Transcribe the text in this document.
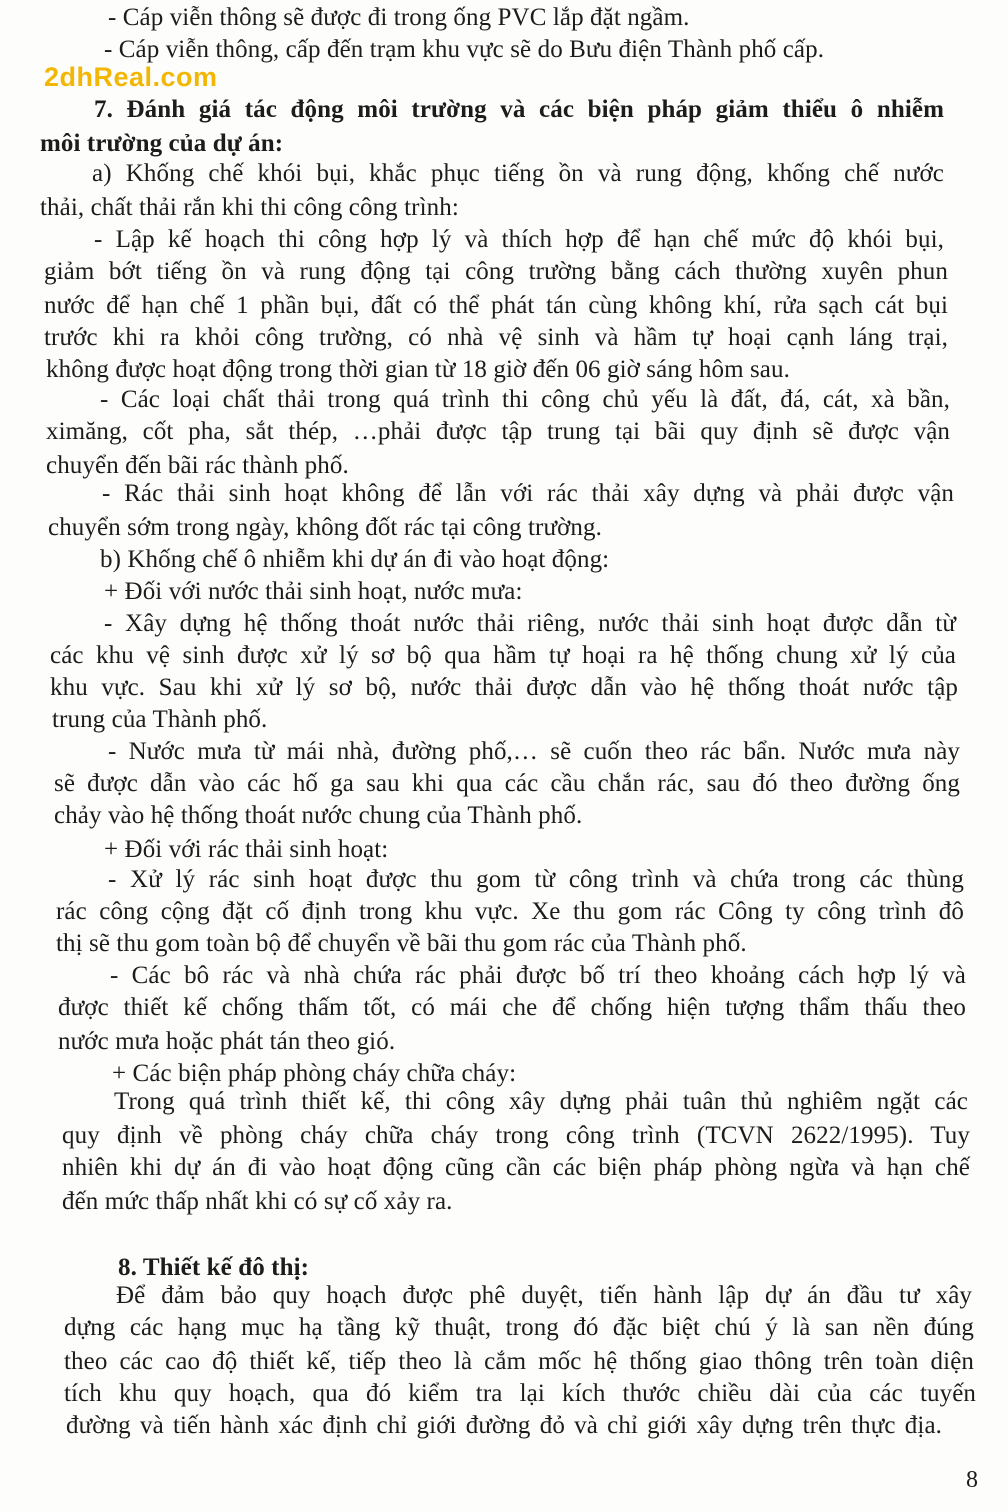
- Cáp viễn thông sẽ được đi trong ống PVC lắp đặt ngầm.
- Cáp viễn thông, cấp đến trạm khu vực sẽ do Bưu điện Thành phố cấp.
2dhReal.com
7. Đánh giá tác động môi trường và các biện pháp giảm thiểu ô nhiễm
môi trường của dự án:
a) Khống chế khói bụi, khắc phục tiếng ồn và rung động, khống chế nước
thải, chất thải rắn khi thi công công trình:
- Lập kế hoạch thi công hợp lý và thích hợp để hạn chế mức độ khói bụi,
giảm bớt tiếng ồn và rung động tại công trường bằng cách thường xuyên phun
nước để hạn chế 1 phần bụi, đất có thể phát tán cùng không khí, rửa sạch cát bụi
trước khi ra khỏi công trường, có nhà vệ sinh và hầm tự hoại cạnh láng trại,
không được hoạt động trong thời gian từ 18 giờ đến 06 giờ sáng hôm sau.
- Các loại chất thải trong quá trình thi công chủ yếu là đất, đá, cát, xà bần,
ximăng, cốt pha, sắt thép, …phải được tập trung tại bãi quy định sẽ được vận
chuyển đến bãi rác thành phố.
- Rác thải sinh hoạt không để lẫn với rác thải xây dựng và phải được vận
chuyển sớm trong ngày, không đốt rác tại công trường.
b) Khống chế ô nhiễm khi dự án đi vào hoạt động:
+ Đối với nước thải sinh hoạt, nước mưa:
- Xây dựng hệ thống thoát nước thải riêng, nước thải sinh hoạt được dẫn từ
các khu vệ sinh được xử lý sơ bộ qua hầm tự hoại ra hệ thống chung xử lý của
khu vực. Sau khi xử lý sơ bộ, nước thải được dẫn vào hệ thống thoát nước tập
trung của Thành phố.
- Nước mưa từ mái nhà, đường phố,… sẽ cuốn theo rác bẩn. Nước mưa này
sẽ được dẫn vào các hố ga sau khi qua các cầu chắn rác, sau đó theo đường ống
chảy vào hệ thống thoát nước chung của Thành phố.
+ Đối với rác thải sinh hoạt:
- Xử lý rác sinh hoạt được thu gom từ công trình và chứa trong các thùng
rác công cộng đặt cố định trong khu vực. Xe thu gom rác Công ty công trình đô
thị sẽ thu gom toàn bộ để chuyển về bãi thu gom rác của Thành phố.
- Các bô rác và nhà chứa rác phải được bố trí theo khoảng cách hợp lý và
được thiết kế chống thấm tốt, có mái che để chống hiện tượng thẩm thấu theo
nước mưa hoặc phát tán theo gió.
+ Các biện pháp phòng cháy chữa cháy:
Trong quá trình thiết kế, thi công xây dựng phải tuân thủ nghiêm ngặt các
quy định về phòng cháy chữa cháy trong công trình (TCVN 2622/1995). Tuy
nhiên khi dự án đi vào hoạt động cũng cần các biện pháp phòng ngừa và hạn chế
đến mức thấp nhất khi có sự cố xảy ra.
8. Thiết kế đô thị:
Để đảm bảo quy hoạch được phê duyệt, tiến hành lập dự án đầu tư xây
dựng các hạng mục hạ tầng kỹ thuật, trong đó đặc biệt chú ý là san nền đúng
theo các cao độ thiết kế, tiếp theo là cắm mốc hệ thống giao thông trên toàn diện
tích khu quy hoạch, qua đó kiểm tra lại kích thước chiều dài của các tuyến
đường và tiến hành xác định chỉ giới đường đỏ và chỉ giới xây dựng trên thực địa.
8
